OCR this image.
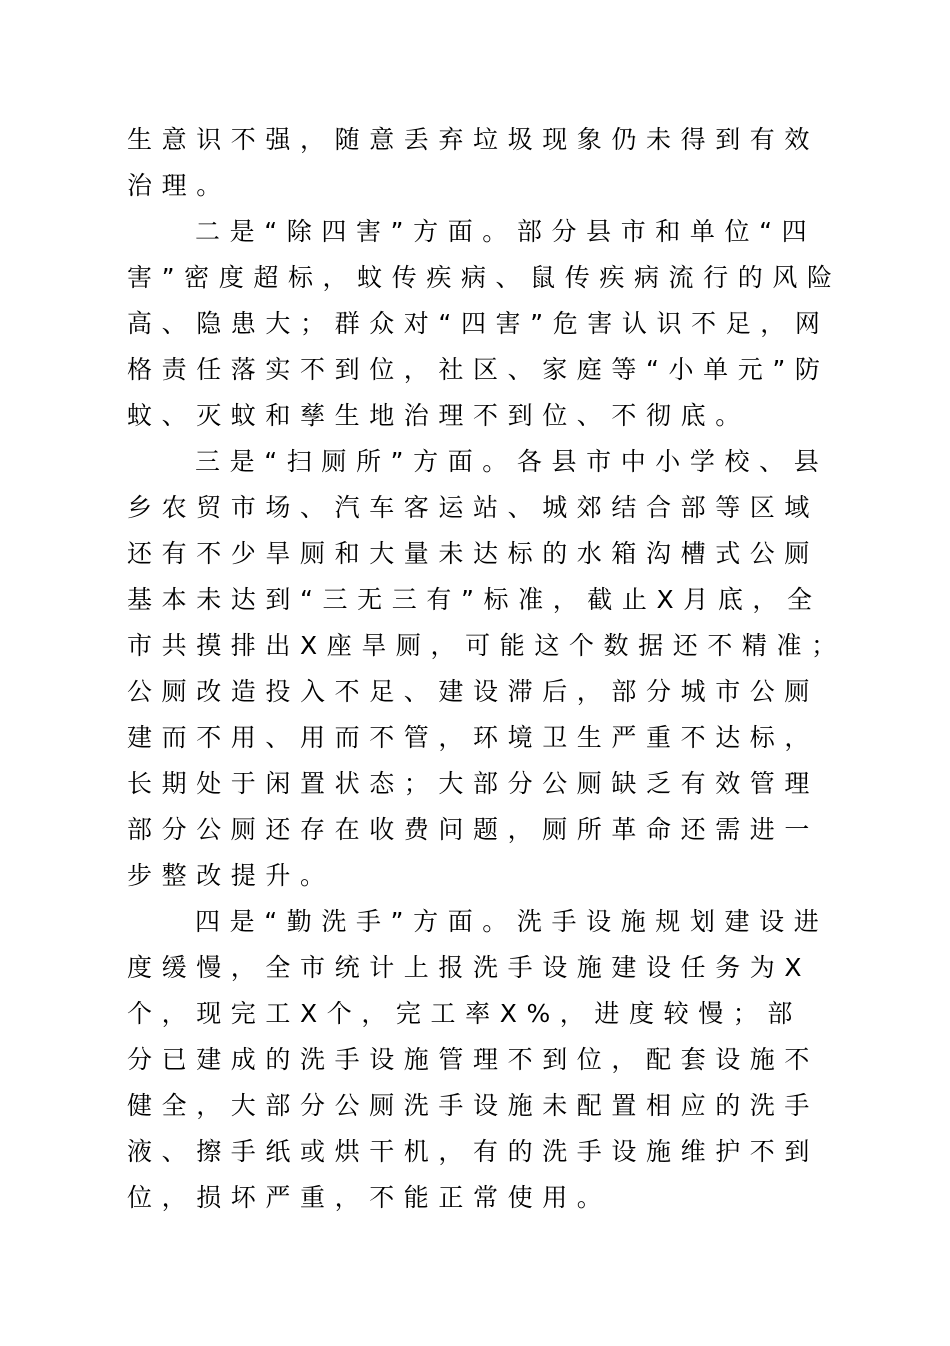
生意识不强，随意丢弃垃圾现象仍未得到有效
治理。
二是“除四害”方面。部分县市和单位“四
害”密度超标，蚊传疾病、鼠传疾病流行的风险
高、隐患大；群众对“四害”危害认识不足，网
格责任落实不到位，社区、家庭等“小单元”防
蚊、灭蚊和孳生地治理不到位、不彻底。
三是“扫厕所”方面。各县市中小学校、县
乡农贸市场、汽车客运站、城郊结合部等区域
还有不少旱厕和大量未达标的水箱沟槽式公厕
基本未达到“三无三有”标准，截止X月底，全
市共摸排出X座旱厕，可能这个数据还不精准；
公厕改造投入不足、建设滞后，部分城市公厕
建而不用、用而不管，环境卫生严重不达标，
长期处于闲置状态；大部分公厕缺乏有效管理
部分公厕还存在收费问题，厕所革命还需进一
步整改提升。
四是“勤洗手”方面。洗手设施规划建设进
度缓慢，全市统计上报洗手设施建设任务为X
个，现完工X个，完工率X%，进度较慢；部
分已建成的洗手设施管理不到位，配套设施不
健全，大部分公厕洗手设施未配置相应的洗手
液、擦手纸或烘干机，有的洗手设施维护不到
位，损坏严重，不能正常使用。
